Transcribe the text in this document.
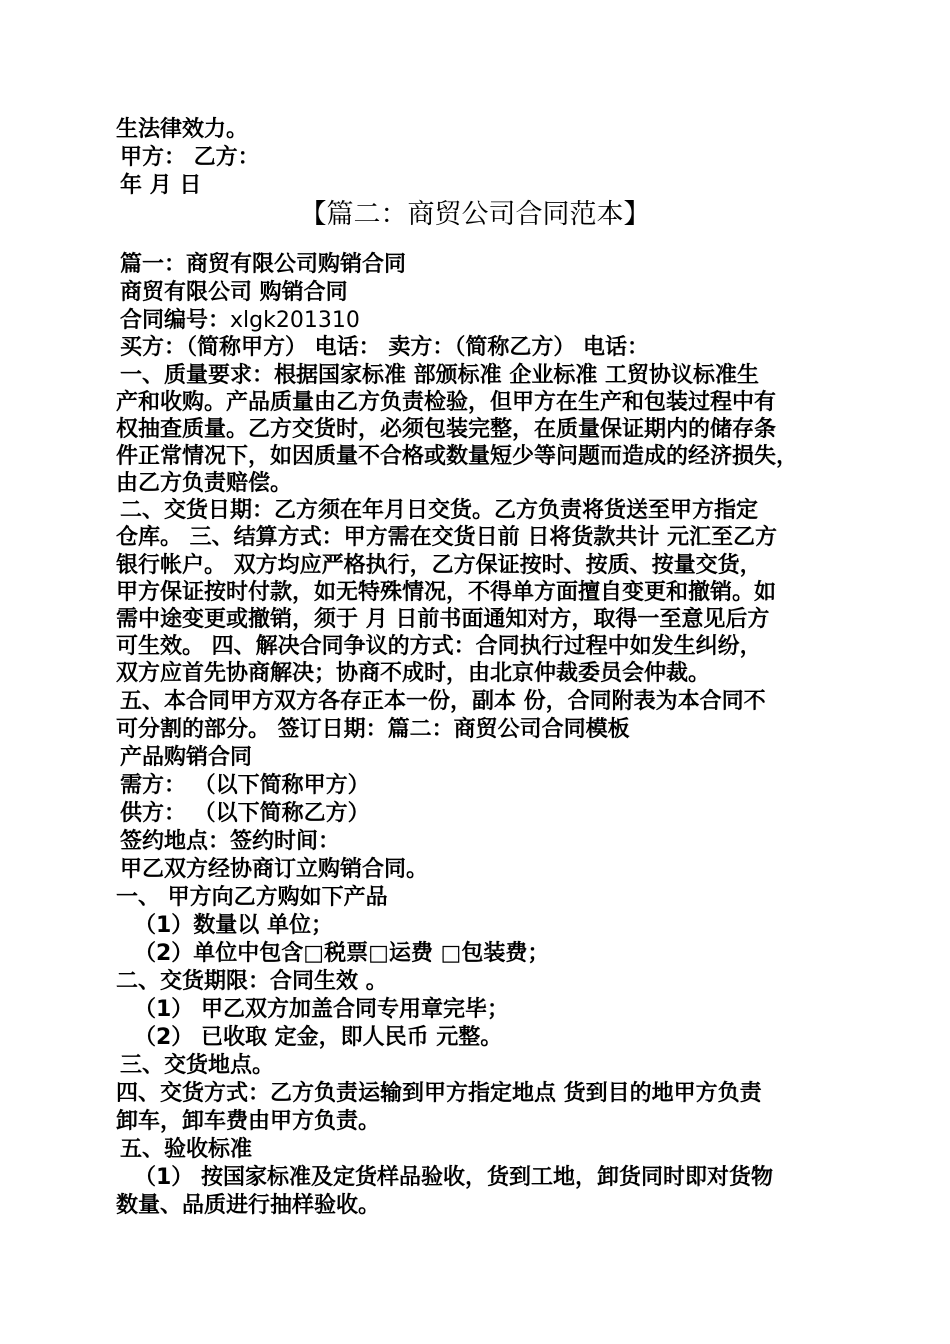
生法律效力。
甲方： 乙方：
年 月 日
【篇二：商贸公司合同范本】
篇一：商贸有限公司购销合同
商贸有限公司 购销合同
合同编号：xlgk201310
买方：（简称甲方） 电话： 卖方：（简称乙方） 电话：
一、质量要求：根据国家标准 部颁标准 企业标准 工贸协议标准生
产和收购。产品质量由乙方负责检验，但甲方在生产和包装过程中有
权抽查质量。乙方交货时，必须包装完整，在质量保证期内的储存条
件正常情况下，如因质量不合格或数量短少等问题而造成的经济损失，
由乙方负责赔偿。
二、交货日期：乙方须在年月日交货。乙方负责将货送至甲方指定
仓库。 三、结算方式：甲方需在交货日前 日将货款共计 元汇至乙方
银行帐户。 双方均应严格执行，乙方保证按时、按质、按量交货，
甲方保证按时付款，如无特殊情况，不得单方面擅自变更和撤销。如
需中途变更或撤销，须于 月 日前书面通知对方，取得一至意见后方
可生效。 四、解决合同争议的方式：合同执行过程中如发生纠纷，
双方应首先协商解决；协商不成时，由北京仲裁委员会仲裁。
五、本合同甲方双方各存正本一份，副本 份，合同附表为本合同不
可分割的部分。 签订日期：篇二：商贸公司合同模板
产品购销合同
需方： （以下简称甲方）
供方： （以下简称乙方）
签约地点：签约时间：
甲乙双方经协商订立购销合同。
一、 甲方向乙方购如下产品
（1）数量以 单位；
（2）单位中包含□税票□运费 □包装费；
二、交货期限：合同生效 。
（1） 甲乙双方加盖合同专用章完毕；
（2） 已收取 定金，即人民币 元整。
三、交货地点。
四、交货方式：乙方负责运输到甲方指定地点 货到目的地甲方负责
卸车，卸车费由甲方负责。
五、验收标准
（1） 按国家标准及定货样品验收，货到工地，卸货同时即对货物
数量、品质进行抽样验收。
